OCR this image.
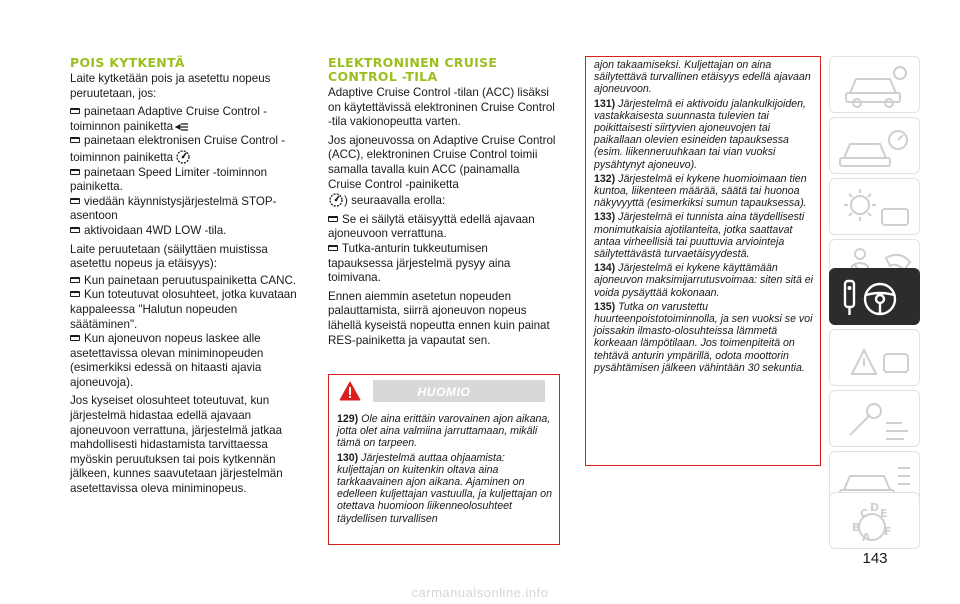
POIS KYTKENTÄ

Laite kytketään pois ja asetettu nopeus peruutetaan, jos:

painetaan Adaptive Cruise Control -toiminnon painiketta
painetaan elektronisen Cruise Control -toiminnon painiketta
painetaan Speed Limiter -toiminnon painiketta.
viedään käynnistysjärjestelmä STOP-asentoon
aktivoidaan 4WD LOW -tila.

Laite peruutetaan (säilyttäen muistissa asetettu nopeus ja etäisyys):

Kun painetaan peruutuspainiketta CANC.
Kun toteutuvat olosuhteet, jotka kuvataan kappaleessa "Halutun nopeuden säätäminen".
Kun ajoneuvon nopeus laskee alle asetettavissa olevan miniminopeuden (esimerkiksi edessä on hitaasti ajavia ajoneuvoja).

Jos kyseiset olosuhteet toteutuvat, kun järjestelmä hidastaa edellä ajavaan ajoneuvoon verrattuna, järjestelmä jatkaa mahdollisesti hidastamista tarvittaessa myöskin peruutuksen tai pois kytkennän jälkeen, kunnes saavutetaan järjestelmän asetettavissa oleva miniminopeus.

ELEKTRONINEN CRUISE
CONTROL -TILA

Adaptive Cruise Control -tilan (ACC) lisäksi on käytettävissä elektroninen Cruise Control -tila vakionopeutta varten.

Jos ajoneuvossa on Adaptive Cruise Control (ACC), elektroninen Cruise Control toimii samalla tavalla kuin ACC (painamalla Cruise Control -painiketta
) seuraavalla erolla:

Se ei säilytä etäisyyttä edellä ajavaan ajoneuvoon verrattuna.
Tutka-anturin tukkeutumisen tapauksessa järjestelmä pysyy aina toimivana.

Ennen aiemmin asetetun nopeuden palauttamista, siirrä ajoneuvon nopeus lähellä kyseistä nopeutta ennen kuin painat RES-painiketta ja vapautat sen.

HUOMIO
129) Ole aina erittäin varovainen ajon aikana, jotta olet aina valmiina jarruttamaan, mikäli tämä on tarpeen.
130) Järjestelmä auttaa ohjaamista: kuljettajan on kuitenkin oltava aina tarkkaavainen ajon aikana. Ajaminen on edelleen kuljettajan vastuulla, ja kuljettajan on otettava huomioon liikenneolosuhteet täydellisen turvallisen

ajon takaamiseksi. Kuljettajan on aina säilytettävä turvallinen etäisyys edellä ajavaan ajoneuvoon.

131) Järjestelmä ei aktivoidu jalankulkijoiden, vastakkaisesta suunnasta tulevien tai poikittaisesti siirtyvien ajoneuvojen tai paikallaan olevien esineiden tapauksessa (esim. liikenneruuhkaan tai vian vuoksi pysähtynyt ajoneuvo).

132) Järjestelmä ei kykene huomioimaan tien kuntoa, liikenteen määrää, säätä tai huonoa näkyvyyttä (esimerkiksi sumun tapauksessa).

133) Järjestelmä ei tunnista aina täydellisesti monimutkaisia ajotilanteita, jotka saattavat antaa virheellisiä tai puuttuvia arviointeja säilytettävästä turvaetäisyydestä.

134) Järjestelmä ei kykene käyttämään ajoneuvon maksimijarrutusvoimaa: siten sitä ei voida pysäyttää kokonaan.

135) Tutka on varustettu huurteenpoistotoiminnolla, ja sen vuoksi se voi joissakin ilmasto-olosuhteissa lämmetä korkeaan lämpötilaan. Jos toimenpiteitä on tehtävä anturin ympärillä, odota moottorin pysähtämisen jälkeen vähintään 30 sekuntia.

C D E
B
A F
143
carmanualsonline.info
